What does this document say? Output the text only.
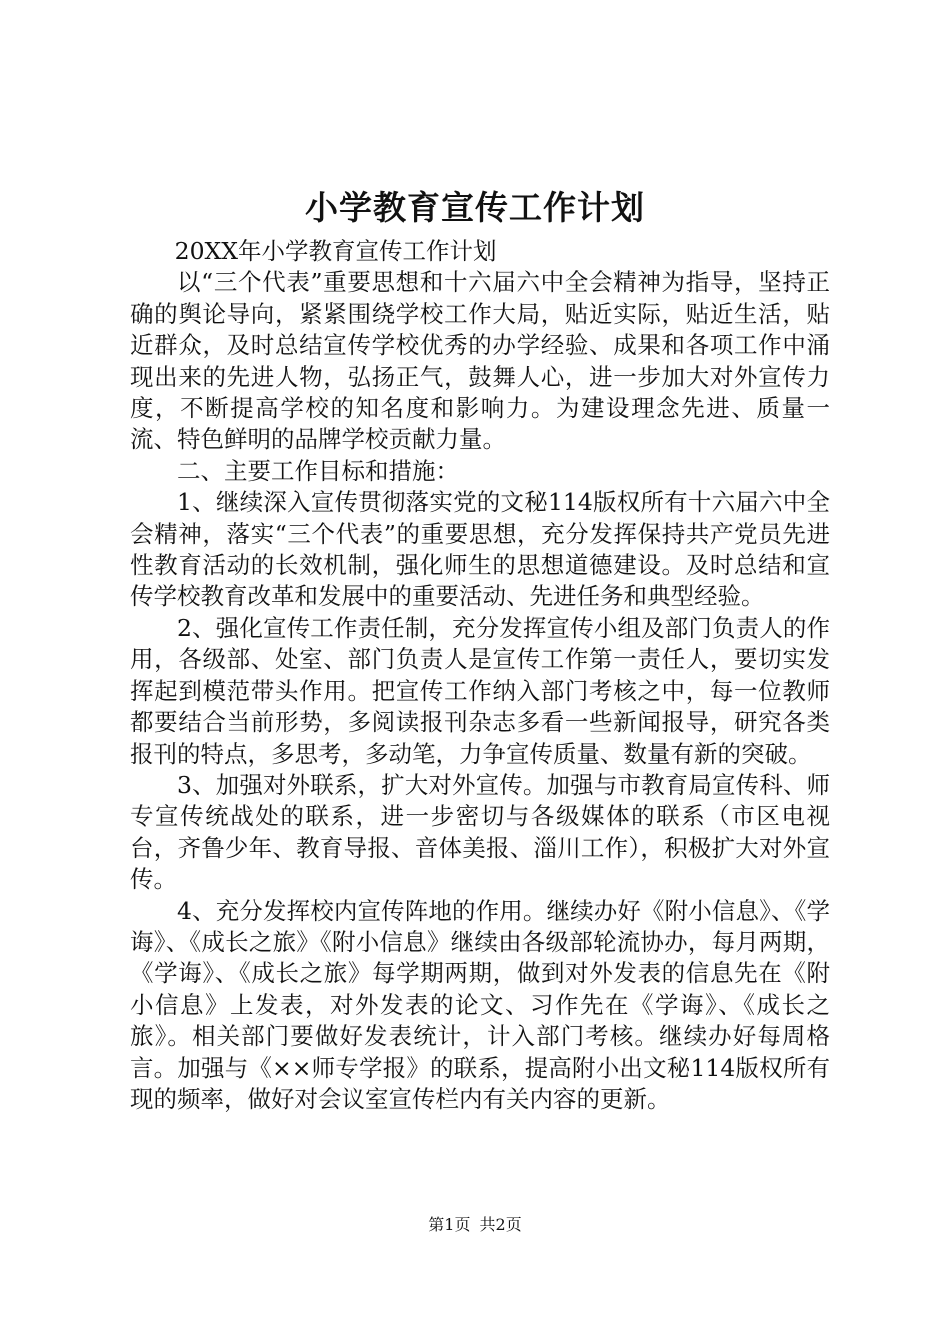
小学教育宣传工作计划

20XX年小学教育宣传工作计划

以“三个代表”重要思想和十六届六中全会精神为指导，坚持正确的舆论导向，紧紧围绕学校工作大局，贴近实际，贴近生活，贴近群众，及时总结宣传学校优秀的办学经验、成果和各项工作中涌现出来的先进人物，弘扬正气，鼓舞人心，进一步加大对外宣传力度，不断提高学校的知名度和影响力。为建设理念先进、质量一流、特色鲜明的品牌学校贡献力量。

二、主要工作目标和措施：

1、继续深入宣传贯彻落实党的文秘114版权所有十六届六中全会精神，落实“三个代表”的重要思想，充分发挥保持共产党员先进性教育活动的长效机制，强化师生的思想道德建设。及时总结和宣传学校教育改革和发展中的重要活动、先进任务和典型经验。

2、强化宣传工作责任制，充分发挥宣传小组及部门负责人的作用，各级部、处室、部门负责人是宣传工作第一责任人，要切实发挥起到模范带头作用。把宣传工作纳入部门考核之中，每一位教师都要结合当前形势，多阅读报刊杂志多看一些新闻报导，研究各类报刊的特点，多思考，多动笔，力争宣传质量、数量有新的突破。

3、加强对外联系，扩大对外宣传。加强与市教育局宣传科、师专宣传统战处的联系，进一步密切与各级媒体的联系（市区电视台，齐鲁少年、教育导报、音体美报、淄川工作），积极扩大对外宣传。

4、充分发挥校内宣传阵地的作用。继续办好《附小信息》、《学诲》、《成长之旅》《附小信息》继续由各级部轮流协办，每月两期，《学诲》、《成长之旅》每学期两期，做到对外发表的信息先在《附小信息》上发表，对外发表的论文、习作先在《学诲》、《成长之旅》。相关部门要做好发表统计，计入部门考核。继续办好每周格言。加强与《××师专学报》的联系，提高附小出文秘114版权所有现的频率，做好对会议室宣传栏内有关内容的更新。

第1页 共2页
